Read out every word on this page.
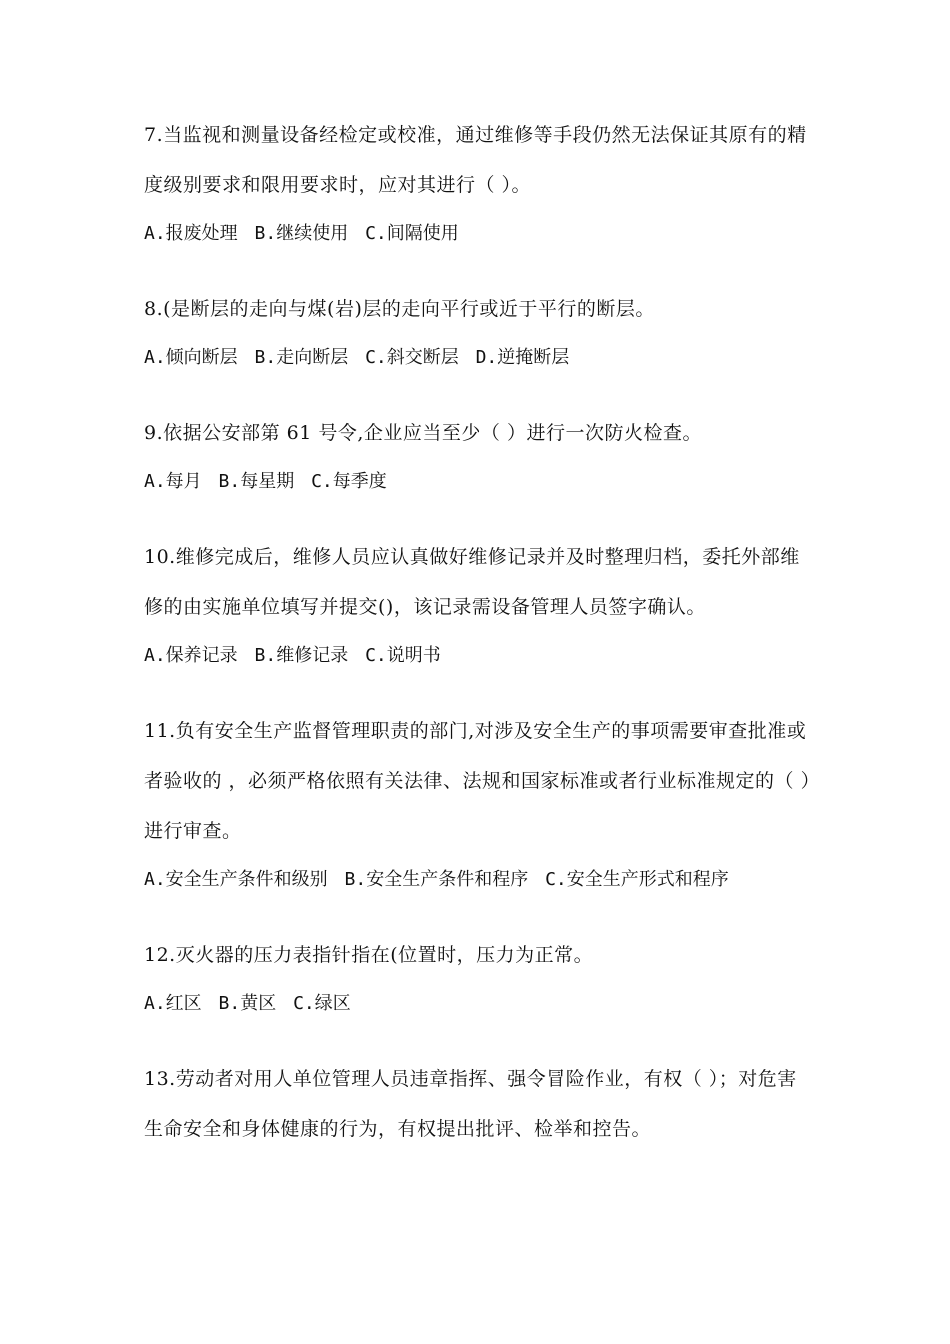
7.当监视和测量设备经检定或校准，通过维修等手段仍然无法保证其原有的精度级别要求和限用要求时，应对其进行（ ）。

A.报废处理 B.继续使用 C.间隔使用

8.(是断层的走向与煤(岩)层的走向平行或近于平行的断层。

A.倾向断层 B.走向断层 C.斜交断层 D.逆掩断层

9.依据公安部第 61 号令,企业应当至少（ ）进行一次防火检查。

A.每月 B.每星期 C.每季度

10.维修完成后，维修人员应认真做好维修记录并及时整理归档，委托外部维修的由实施单位填写并提交()，该记录需设备管理人员签字确认。

A.保养记录 B.维修记录 C.说明书

11.负有安全生产监督管理职责的部门,对涉及安全生产的事项需要审查批准或者验收的 ，必须严格依照有关法律、法规和国家标准或者行业标准规定的（ ）进行审查。

A.安全生产条件和级别 B.安全生产条件和程序 C.安全生产形式和程序

12.灭火器的压力表指针指在(位置时，压力为正常。

A.红区 B.黄区 C.绿区

13.劳动者对用人单位管理人员违章指挥、强令冒险作业，有权（ ）；对危害生命安全和身体健康的行为，有权提出批评、检举和控告。
